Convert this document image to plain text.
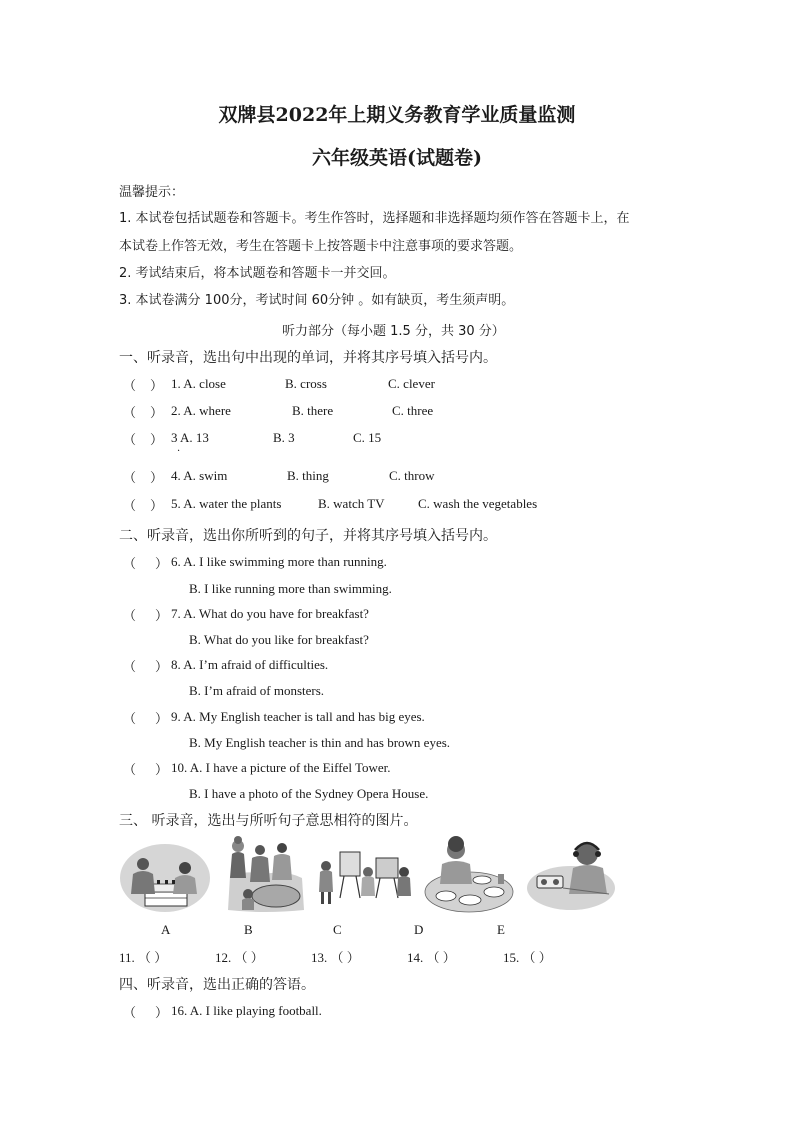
双牌县2022年上期义务教育学业质量监测
六年级英语(试题卷)
温馨提示：
1. 本试卷包括试题卷和答题卡。考生作答时，选择题和非选择题均须作答在答题卡上，在
本试卷上作答无效，考生在答题卡上按答题卡中注意事项的要求答题。
2. 考试结束后，将本试题卷和答题卡一并交回。
3. 本试卷满分 100分，考试时间 60分钟 。如有缺页，考生须声明。
听力部分（每小题 1.5 分，共 30 分）
一、听录音，选出句中出现的单词，并将其序号填入括号内。
（ ） 1. A. close	B. cross	C. clever
（ ） 2. A. where	B. there	C. three
（ ） 3 A. 13	B. 3	C. 15
·
（ ） 4. A. swim	B. thing	C. throw
（ ） 5. A. water the plants	B. watch TV	C. wash the vegetables
二、听录音，选出你所听到的句子，并将其序号填入括号内。
（ ） 6. A. I like swimming more than running.
B. I like running more than swimming.
（ ） 7. A. What do you have for breakfast?
B. What do you like for breakfast?
（ ） 8. A. I’m afraid of difficulties.
B. I’m afraid of monsters.
（ ） 9. A. My English teacher is tall and has big eyes.
B. My English teacher is thin and has brown eyes.
（ ） 10. A. I have a picture of the Eiffel Tower.
B. I have a photo of the Sydney Opera House.
三、 听录音，选出与所听句子意思相符的图片。
A	B	C	D	E
11. （ ）	12. （ ）	13. （ ）	14. （ ）	15. （ ）
四、听录音，选出正确的答语。
（ ） 16. A. I like playing football.
